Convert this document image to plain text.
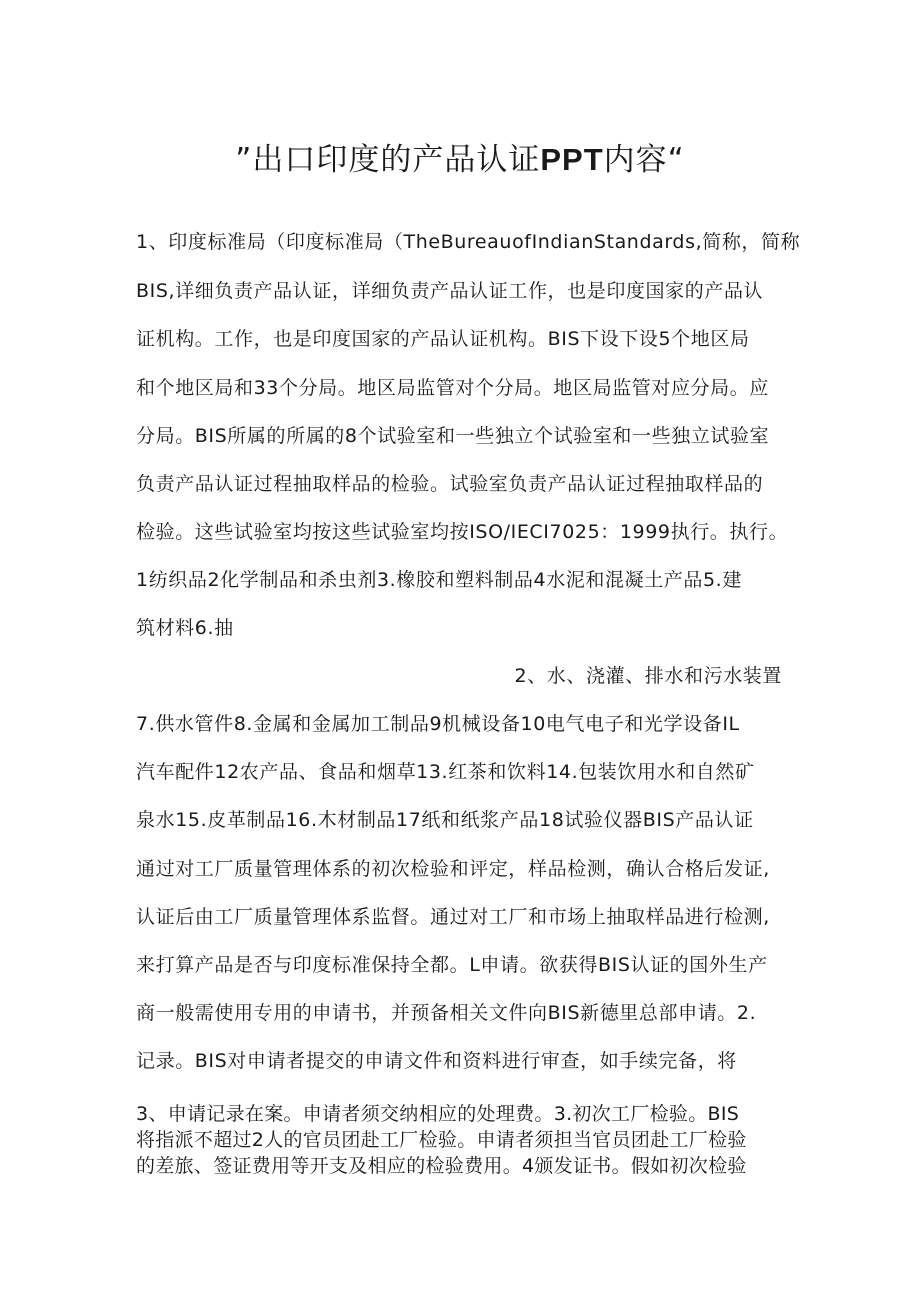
”出口印度的产品认证PPT内容“
1、印度标准局（印度标准局（TheBureauofIndianStandards,简称，简称
BIS,详细负责产品认证，详细负责产品认证工作，也是印度国家的产品认
证机构。工作，也是印度国家的产品认证机构。BIS下设下设5个地区局
和个地区局和33个分局。地区局监管对个分局。地区局监管对应分局。应
分局。BIS所属的所属的8个试验室和一些独立个试验室和一些独立试验室
负责产品认证过程抽取样品的检验。试验室负责产品认证过程抽取样品的
检验。这些试验室均按这些试验室均按ISO/IECI7025：1999执行。执行。
1纺织品2化学制品和杀虫剂3.橡胶和塑料制品4水泥和混凝土产品5.建
筑材料6.抽
2、水、浇灌、排水和污水装置
7.供水管件8.金属和金属加工制品9机械设备10电气电子和光学设备IL
汽车配件12农产品、食品和烟草13.红茶和饮料14.包装饮用水和自然矿
泉水15.皮革制品16.木材制品17纸和纸浆产品18试验仪器BIS产品认证
通过对工厂质量管理体系的初次检验和评定，样品检测，确认合格后发证,
认证后由工厂质量管理体系监督。通过对工厂和市场上抽取样品进行检测,
来打算产品是否与印度标准保持全都。L申请。欲获得BIS认证的国外生产
商一般需使用专用的申请书，并预备相关文件向BIS新德里总部申请。2.
记录。BIS对申请者提交的申请文件和资料进行审查，如手续完备，将
3、申请记录在案。申请者须交纳相应的处理费。3.初次工厂检验。BIS
将指派不超过2人的官员团赴工厂检验。申请者须担当官员团赴工厂检验
的差旅、签证费用等开支及相应的检验费用。4颁发证书。假如初次检验
